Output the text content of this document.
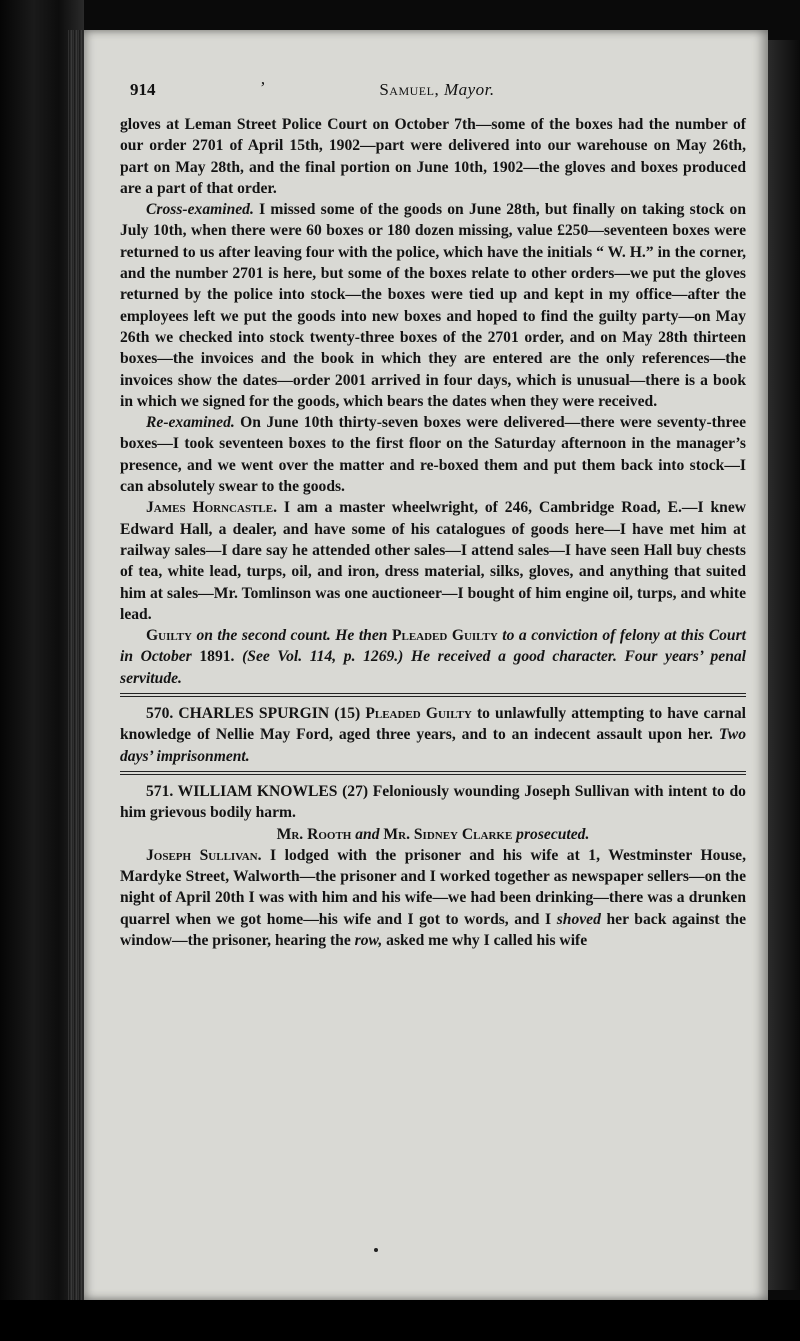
914	’	Samuel, Mayor.

gloves at Leman Street Police Court on October 7th—some of the boxes had the number of our order 2701 of April 15th, 1902—part were delivered into our warehouse on May 26th, part on May 28th, and the final portion on June 10th, 1902—the gloves and boxes produced are a part of that order.

Cross-examined. I missed some of the goods on June 28th, but finally on taking stock on July 10th, when there were 60 boxes or 180 dozen missing, value £250—seventeen boxes were returned to us after leaving four with the police, which have the initials “ W. H.” in the corner, and the number 2701 is here, but some of the boxes relate to other orders—we put the gloves returned by the police into stock—the boxes were tied up and kept in my office—after the employees left we put the goods into new boxes and hoped to find the guilty party—on May 26th we checked into stock twenty-three boxes of the 2701 order, and on May 28th thirteen boxes—the invoices and the book in which they are entered are the only references—the invoices show the dates—order 2001 arrived in four days, which is unusual—there is a book in which we signed for the goods, which bears the dates when they were received.

Re-examined. On June 10th thirty-seven boxes were delivered—there were seventy-three boxes—I took seventeen boxes to the first floor on the Saturday afternoon in the manager’s presence, and we went over the matter and re-boxed them and put them back into stock—I can absolutely swear to the goods.

James Horncastle. I am a master wheelwright, of 246, Cambridge Road, E.—I knew Edward Hall, a dealer, and have some of his catalogues of goods here—I have met him at railway sales—I dare say he attended other sales—I attend sales—I have seen Hall buy chests of tea, white lead, turps, oil, and iron, dress material, silks, gloves, and anything that suited him at sales—Mr. Tomlinson was one auctioneer—I bought of him engine oil, turps, and white lead.

Guilty on the second count. He then Pleaded Guilty to a conviction of felony at this Court in October 1891. (See Vol. 114, p. 1269.) He received a good character. Four years’ penal servitude.

570. CHARLES SPURGIN (15) Pleaded Guilty to unlawfully attempting to have carnal knowledge of Nellie May Ford, aged three years, and to an indecent assault upon her. Two days’ imprisonment.

571. WILLIAM KNOWLES (27) Feloniously wounding Joseph Sullivan with intent to do him grievous bodily harm.

Mr. Rooth and Mr. Sidney Clarke prosecuted.

Joseph Sullivan. I lodged with the prisoner and his wife at 1, Westminster House, Mardyke Street, Walworth—the prisoner and I worked together as newspaper sellers—on the night of April 20th I was with him and his wife—we had been drinking—there was a drunken quarrel when we got home—his wife and I got to words, and I shoved her back against the window—the prisoner, hearing the row, asked me why I called his wife
